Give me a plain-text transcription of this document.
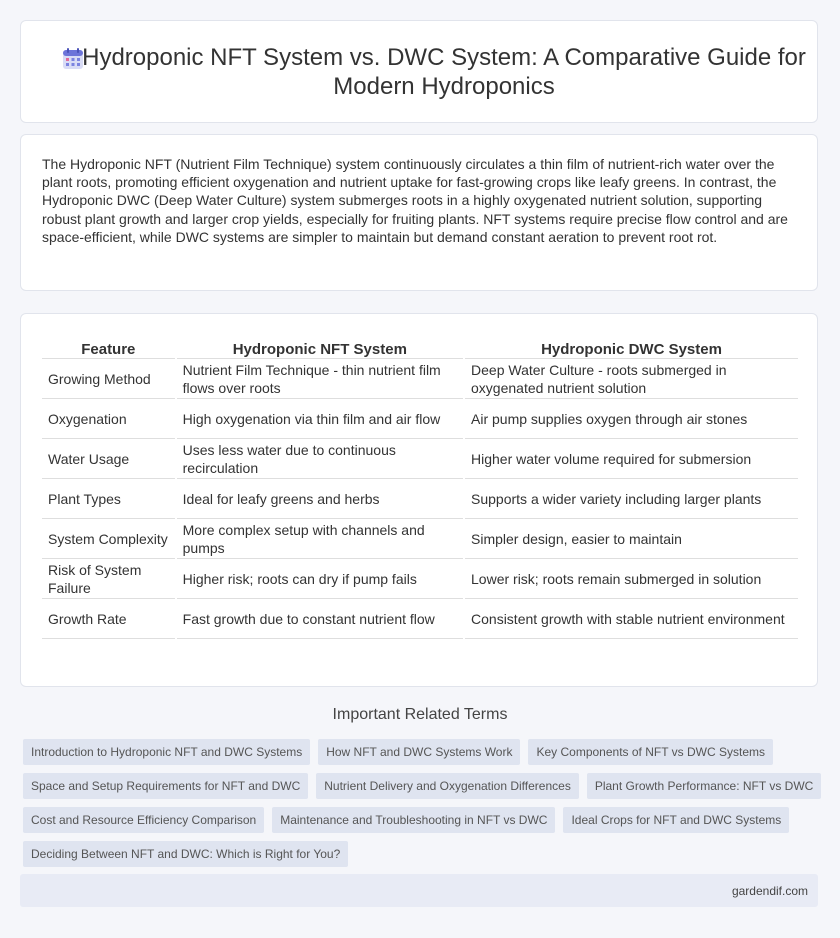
Hydroponic NFT System vs. DWC System: A Comparative Guide for Modern Hydroponics

The Hydroponic NFT (Nutrient Film Technique) system continuously circulates a thin film of nutrient-rich water over the plant roots, promoting efficient oxygenation and nutrient uptake for fast-growing crops like leafy greens. In contrast, the Hydroponic DWC (Deep Water Culture) system submerges roots in a highly oxygenated nutrient solution, supporting robust plant growth and larger crop yields, especially for fruiting plants. NFT systems require precise flow control and are space-efficient, while DWC systems are simpler to maintain but demand constant aeration to prevent root rot.

Feature	Hydroponic NFT System	Hydroponic DWC System
Growing Method	Nutrient Film Technique - thin nutrient film flows over roots	Deep Water Culture - roots submerged in oxygenated nutrient solution
Oxygenation	High oxygenation via thin film and air flow	Air pump supplies oxygen through air stones
Water Usage	Uses less water due to continuous recirculation	Higher water volume required for submersion
Plant Types	Ideal for leafy greens and herbs	Supports a wider variety including larger plants
System Complexity	More complex setup with channels and pumps	Simpler design, easier to maintain
Risk of System Failure	Higher risk; roots can dry if pump fails	Lower risk; roots remain submerged in solution
Growth Rate	Fast growth due to constant nutrient flow	Consistent growth with stable nutrient environment
Important Related Terms
Introduction to Hydroponic NFT and DWC Systems	How NFT and DWC Systems Work	Key Components of NFT vs DWC Systems
Space and Setup Requirements for NFT and DWC	Nutrient Delivery and Oxygenation Differences	Plant Growth Performance: NFT vs DWC
Cost and Resource Efficiency Comparison	Maintenance and Troubleshooting in NFT vs DWC	Ideal Crops for NFT and DWC Systems
Deciding Between NFT and DWC: Which is Right for You?
gardendif.com
